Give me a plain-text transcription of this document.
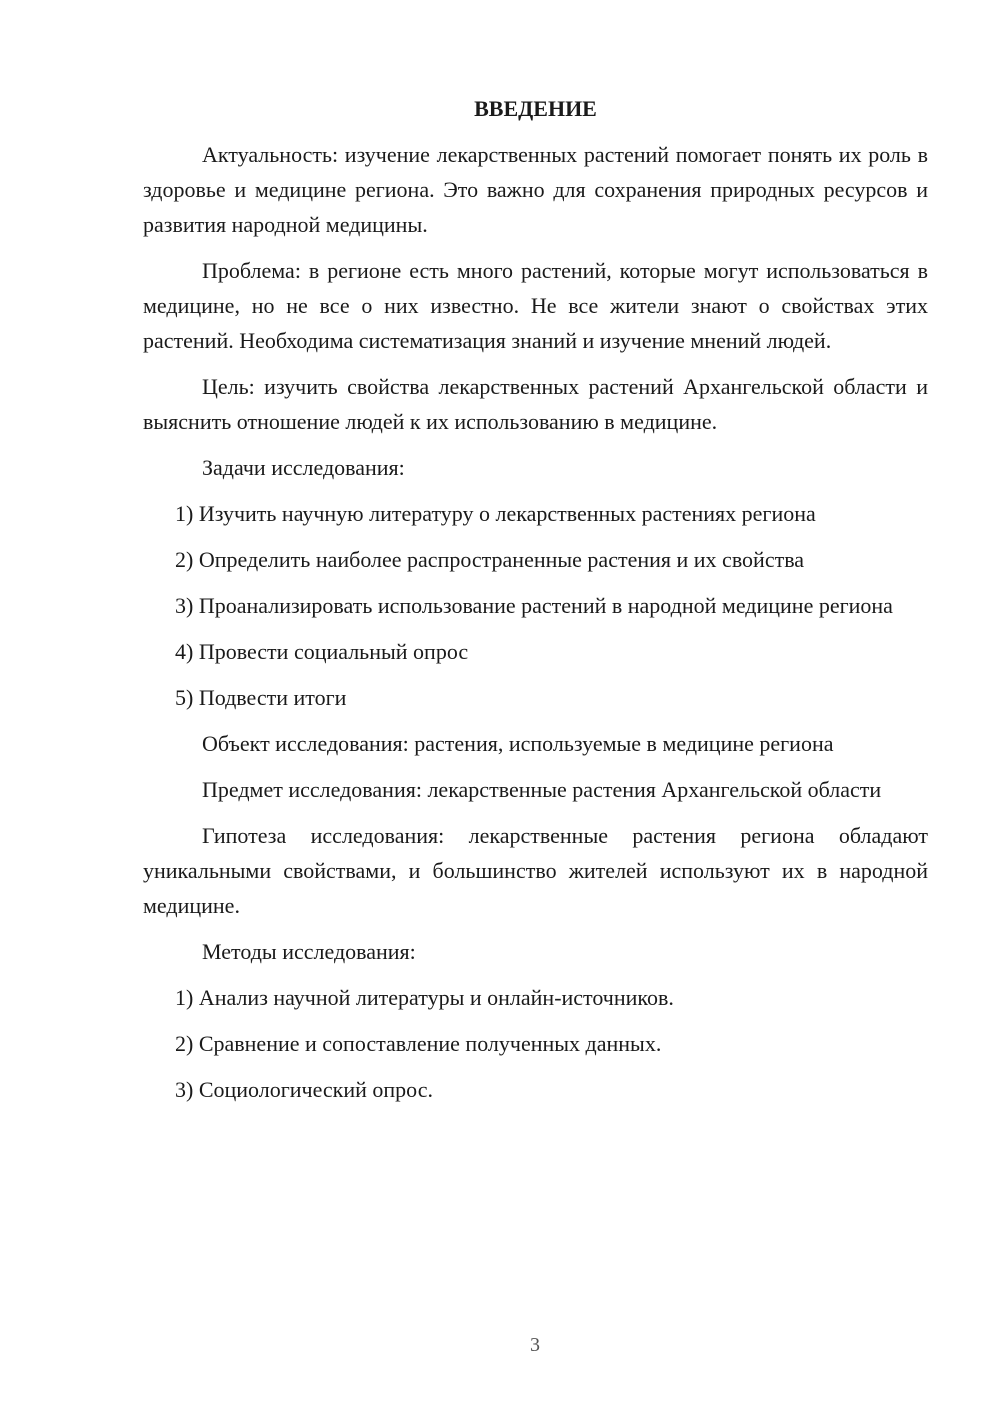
ВВЕДЕНИЕ

Актуальность: изучение лекарственных растений помогает понять их роль в здоровье и медицине региона. Это важно для сохранения природных ресурсов и развития народной медицины.

Проблема: в регионе есть много растений, которые могут использоваться в медицине, но не все о них известно. Не все жители знают о свойствах этих растений. Необходима систематизация знаний и изучение мнений людей.

Цель: изучить свойства лекарственных растений Архангельской области и выяснить отношение людей к их использованию в медицине.

Задачи исследования:

1) Изучить научную литературу о лекарственных растениях региона

2) Определить наиболее распространенные растения и их свойства

3) Проанализировать использование растений в народной медицине региона

4) Провести социальный опрос

5) Подвести итоги

Объект исследования: растения, используемые в медицине региона

Предмет исследования: лекарственные растения Архангельской области

Гипотеза исследования: лекарственные растения региона обладают уникальными свойствами, и большинство жителей используют их в народной медицине.

Методы исследования:

1) Анализ научной литературы и онлайн-источников.

2) Сравнение и сопоставление полученных данных.

3) Социологический опрос.

3
